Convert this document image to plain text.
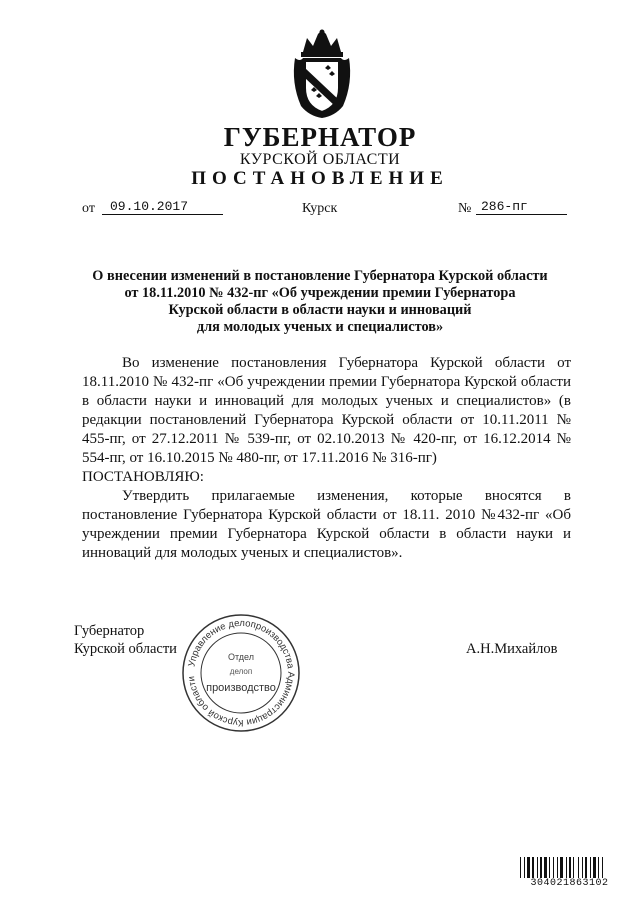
ГУБЕРНАТОР
КУРСКОЙ ОБЛАСТИ
ПОСТАНОВЛЕНИЕ
от	09.10.2017	Курск	№ 286-пг
О внесении изменений в постановление Губернатора Курской области
от 18.11.2010 № 432-пг «Об учреждении премии Губернатора
Курской области в области науки и инноваций
для молодых ученых и специалистов»

Во изменение постановления Губернатора Курской области от 18.11.2010 № 432-пг «Об учреждении премии Губернатора Курской области в области науки и инноваций для молодых ученых и специалистов» (в редакции постановлений Губернатора Курской области от 10.11.2011 № 455-пг, от 27.12.2011 № 539-пг, от 02.10.2013 № 420-пг, от 16.12.2014 № 554-пг, от 16.10.2015 № 480-пг, от 17.11.2016 № 316-пг)

ПОСТАНОВЛЯЮ:

Утвердить прилагаемые изменения, которые вносятся в постановление Губернатора Курской области от 18.11. 2010 №432-пг «Об учреждении премии Губернатора Курской области в области науки и инноваций для молодых ученых и специалистов».

Губернатор
Курской области	А.Н.Михайлов
Управление делопроизводства Администрации Курской области
Отдел
делоп
производство
304021863102
